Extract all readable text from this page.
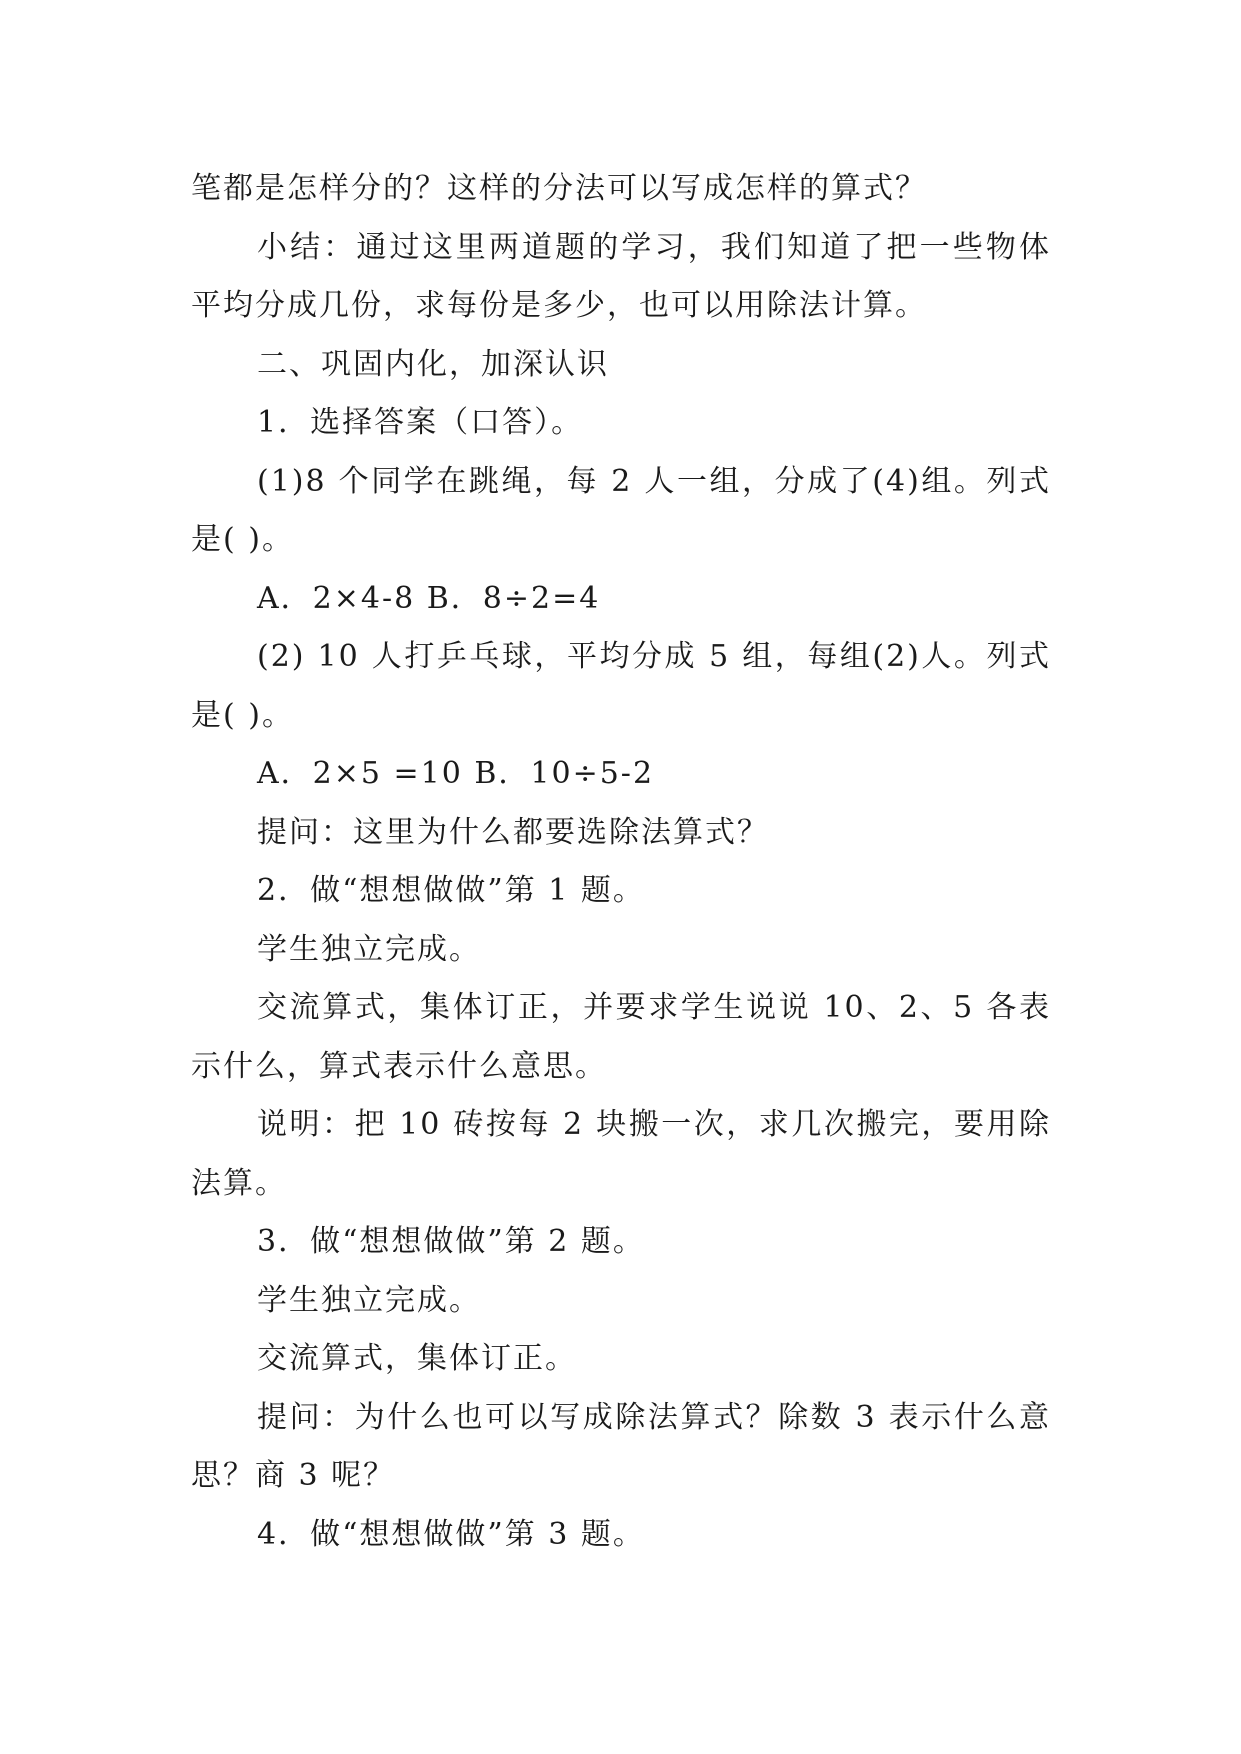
笔都是怎样分的？这样的分法可以写成怎样的算式？

小结：通过这里两道题的学习，我们知道了把一些物体平均分成几份，求每份是多少，也可以用除法计算。

二、巩固内化，加深认识

1．选择答案（口答）。

(1)8 个同学在跳绳，每 2 人一组，分成了(4)组。列式是( )。

A．2×4-8 B．8÷2=4

(2) 10 人打乒乓球，平均分成 5 组，每组(2)人。列式是( )。

A．2×5 =10 B．10÷5-2

提问：这里为什么都要选除法算式？

2．做“想想做做”第 1 题。

学生独立完成。

交流算式，集体订正，并要求学生说说 10、2、5 各表示什么，算式表示什么意思。

说明：把 10 砖按每 2 块搬一次，求几次搬完，要用除法算。

3．做“想想做做”第 2 题。

学生独立完成。

交流算式，集体订正。

提问：为什么也可以写成除法算式？除数 3 表示什么意思？商 3 呢？

4．做“想想做做”第 3 题。
